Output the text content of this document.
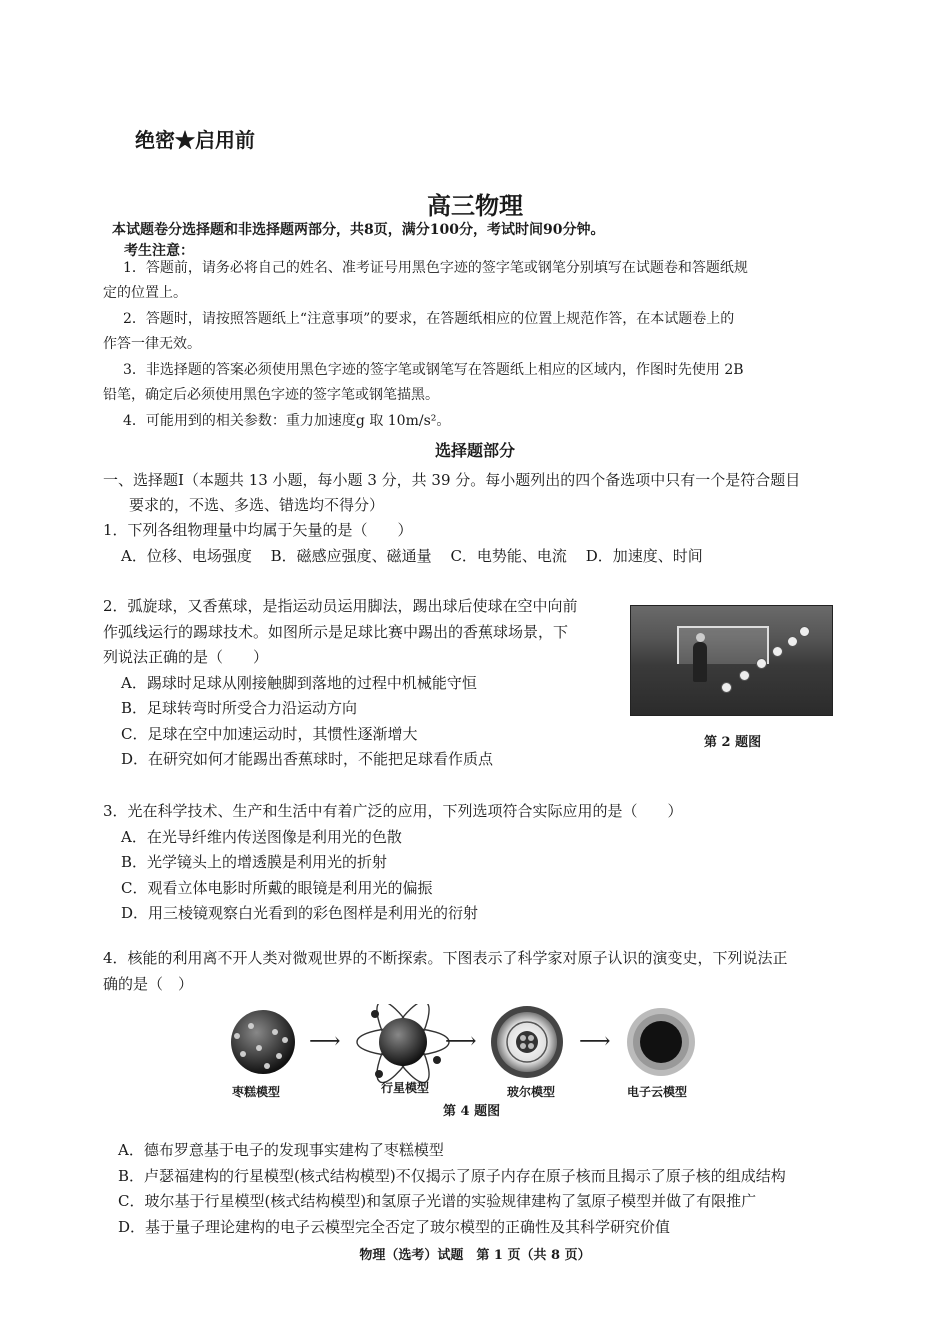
绝密★启用前
高三物理
本试题卷分选择题和非选择题两部分，共8页，满分100分，考试时间90分钟。
考生注意：
1．答题前，请务必将自己的姓名、准考证号用黑色字迹的签字笔或钢笔分别填写在试题卷和答题纸规
定的位置上。
2．答题时，请按照答题纸上“注意事项”的要求，在答题纸相应的位置上规范作答，在本试题卷上的
作答一律无效。
3．非选择题的答案必须使用黑色字迹的签字笔或钢笔写在答题纸上相应的区域内，作图时先使用 2B
铅笔，确定后必须使用黑色字迹的签字笔或钢笔描黑。
4．可能用到的相关参数：重力加速度g 取 10m/s²。
选择题部分
一、选择题Ⅰ（本题共 13 小题，每小题 3 分，共 39 分。每小题列出的四个备选项中只有一个是符合题目
要求的，不选、多选、错选均不得分）
1．下列各组物理量中均属于矢量的是（　　）
A．位移、电场强度 B．磁感应强度、磁通量 C．电势能、电流 D．加速度、时间
2．弧旋球，又香蕉球，是指运动员运用脚法，踢出球后使球在空中向前
作弧线运行的踢球技术。如图所示是足球比赛中踢出的香蕉球场景，下
列说法正确的是（　　）
A．踢球时足球从刚接触脚到落地的过程中机械能守恒
B．足球转弯时所受合力沿运动方向
C．足球在空中加速运动时，其惯性逐渐增大
D．在研究如何才能踢出香蕉球时，不能把足球看作质点
第 2 题图
3．光在科学技术、生产和生活中有着广泛的应用，下列选项符合实际应用的是（　　）
A．在光导纤维内传送图像是利用光的色散
B．光学镜头上的增透膜是利用光的折射
C．观看立体电影时所戴的眼镜是利用光的偏振
D．用三棱镜观察白光看到的彩色图样是利用光的衍射
4．核能的利用离不开人类对微观世界的不断探索。下图表示了科学家对原子认识的演变史，下列说法正
确的是（　）
⟶	⟶	⟶
枣糕模型	行星模型	玻尔模型	电子云模型
第 4 题图
A．德布罗意基于电子的发现事实建构了枣糕模型
B．卢瑟福建构的行星模型(核式结构模型)不仅揭示了原子内存在原子核而且揭示了原子核的组成结构
C．玻尔基于行星模型(核式结构模型)和氢原子光谱的实验规律建构了氢原子模型并做了有限推广
D．基于量子理论建构的电子云模型完全否定了玻尔模型的正确性及其科学研究价值
物理（选考）试题　第 1 页（共 8 页）
